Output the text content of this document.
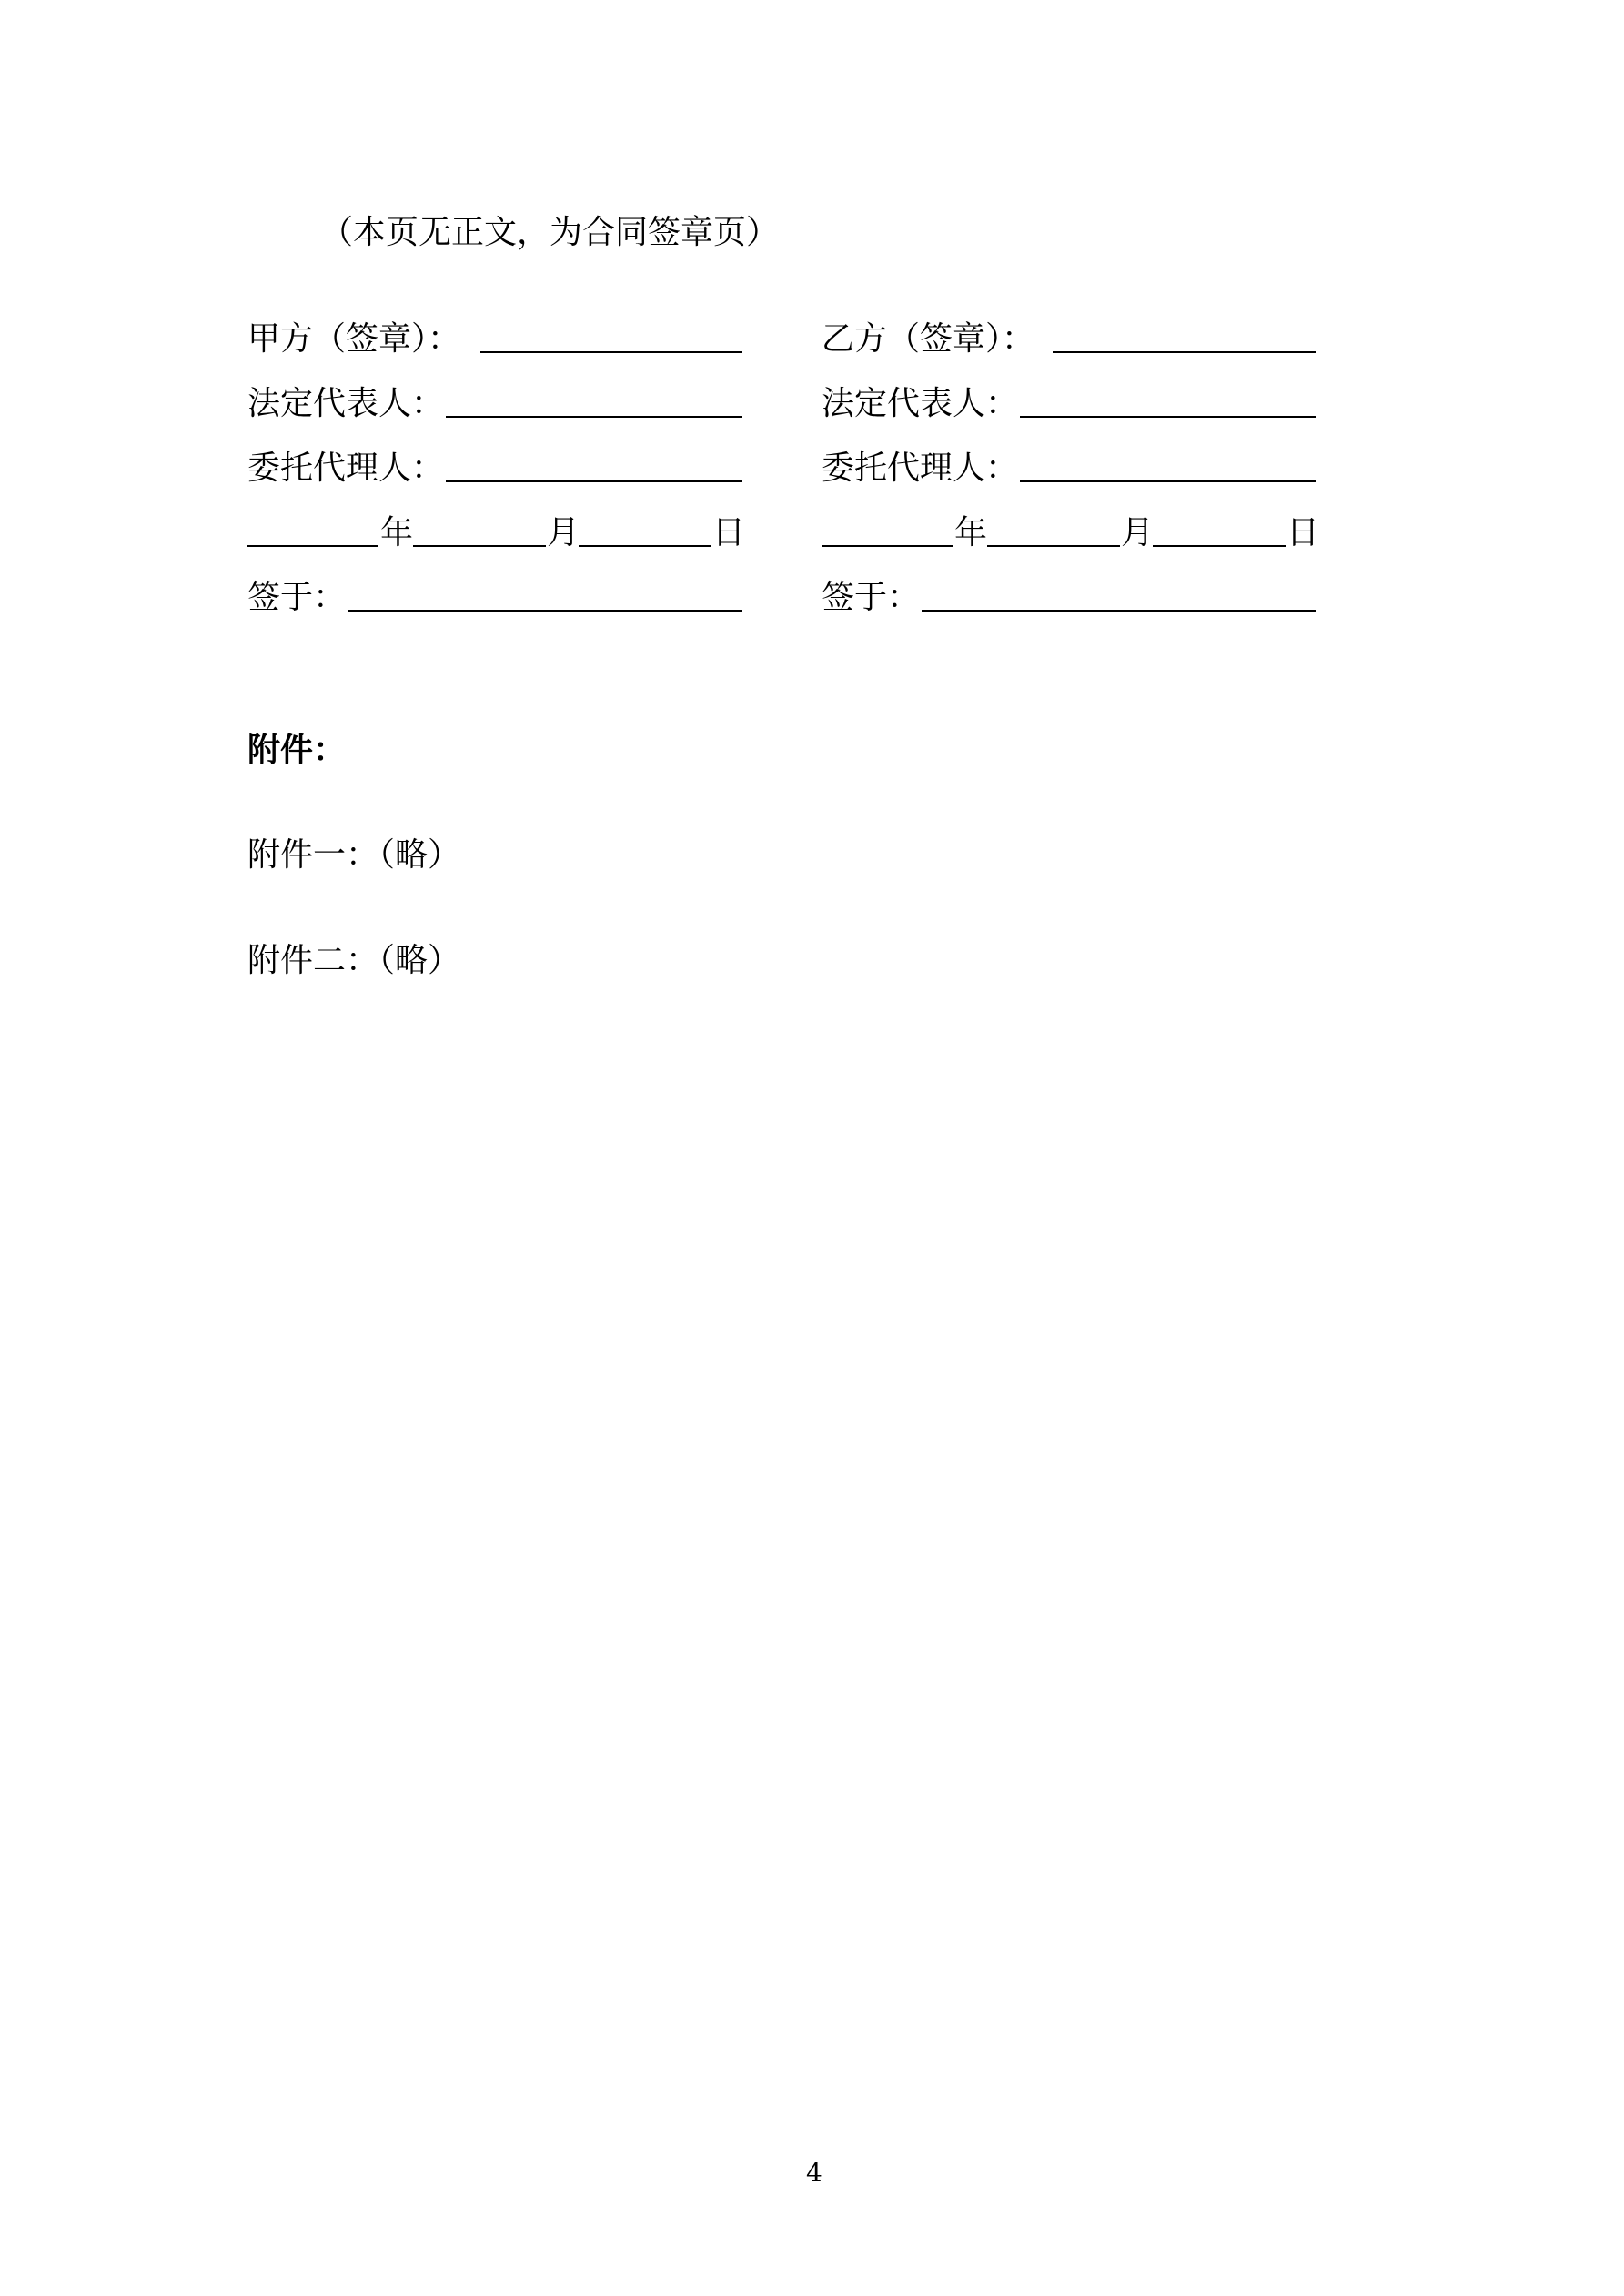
（本页无正文，为合同签章页）
甲方（签章）：
法定代表人：
委托代理人：
年	月	日
签于：
乙方（签章）：
法定代表人：
委托代理人：
年	月	日
签于：
附件：
附件一：（略）
附件二：（略）
4
